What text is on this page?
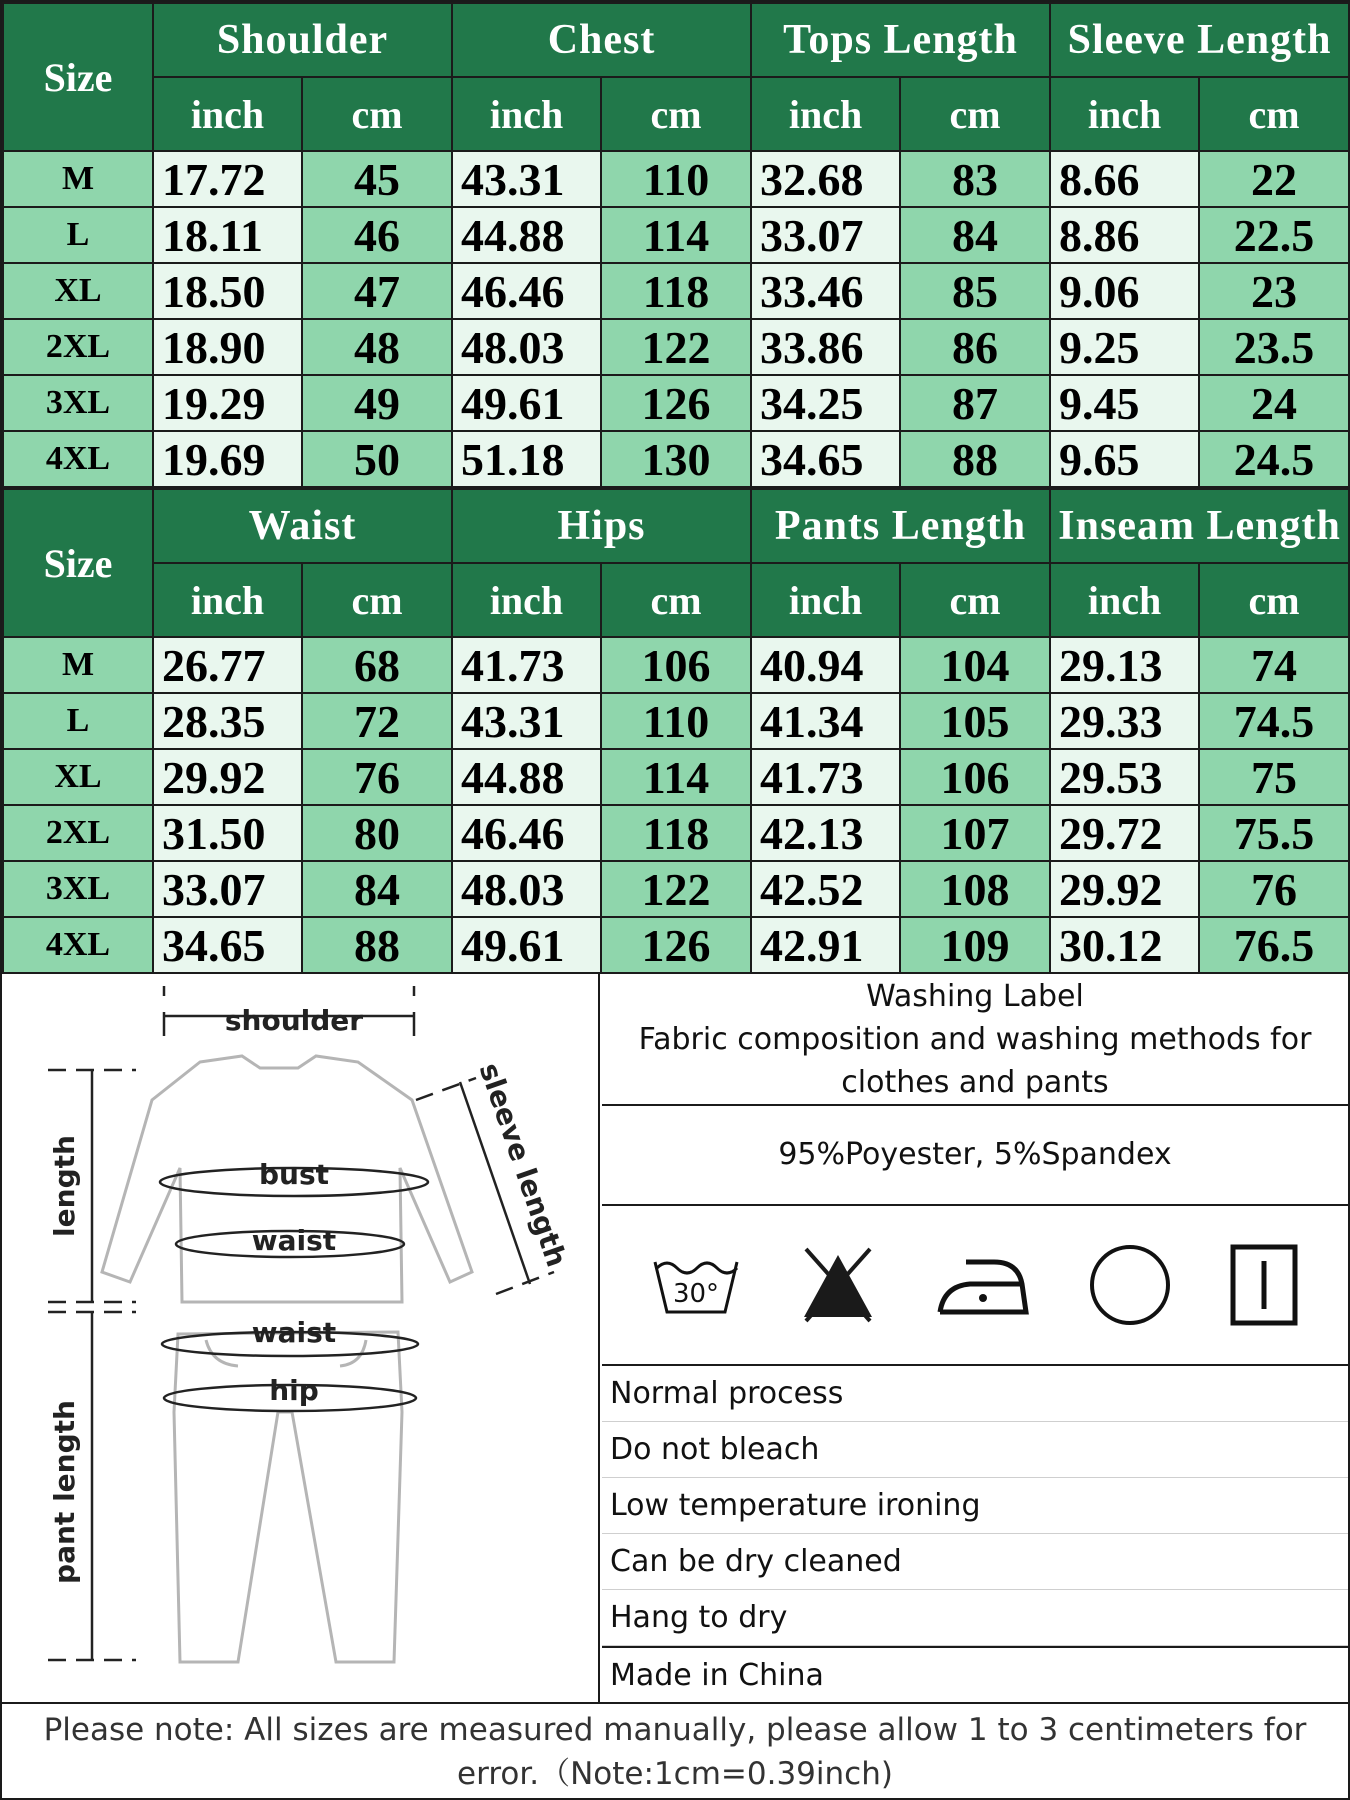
Size	Shoulder		Chest		Tops Length		Sleeve Length	
	inch	cm	inch	cm	inch	cm	inch	cm
M	17.72	45	43.31	110	32.68	83	8.66	22
L	18.11	46	44.88	114	33.07	84	8.86	22.5
XL	18.50	47	46.46	118	33.46	85	9.06	23
2XL	18.90	48	48.03	122	33.86	86	9.25	23.5
3XL	19.29	49	49.61	126	34.25	87	9.45	24
4XL	19.69	50	51.18	130	34.65	88	9.65	24.5
Size	Waist		Hips		Pants Length		Inseam Length	
	inch	cm	inch	cm	inch	cm	inch	cm
M	26.77	68	41.73	106	40.94	104	29.13	74
L	28.35	72	43.31	110	41.34	105	29.33	74.5
XL	29.92	76	44.88	114	41.73	106	29.53	75
2XL	31.50	80	46.46	118	42.13	107	29.72	75.5
3XL	33.07	84	48.03	122	42.52	108	29.92	76
4XL	34.65	88	49.61	126	42.91	109	30.12	76.5
shoulder
bust
waist
waist
hip
length
pant length
sleeve length
Washing Label
Fabric composition and washing methods for
clothes and pants
95%Poyester, 5%Spandex
30°
Normal process
Do not bleach
Low temperature ironing
Can be dry cleaned
Hang to dry
Made in China
Please note: All sizes are measured manually, please allow 1 to 3 centimeters for
error.（Note:1cm=0.39inch)
